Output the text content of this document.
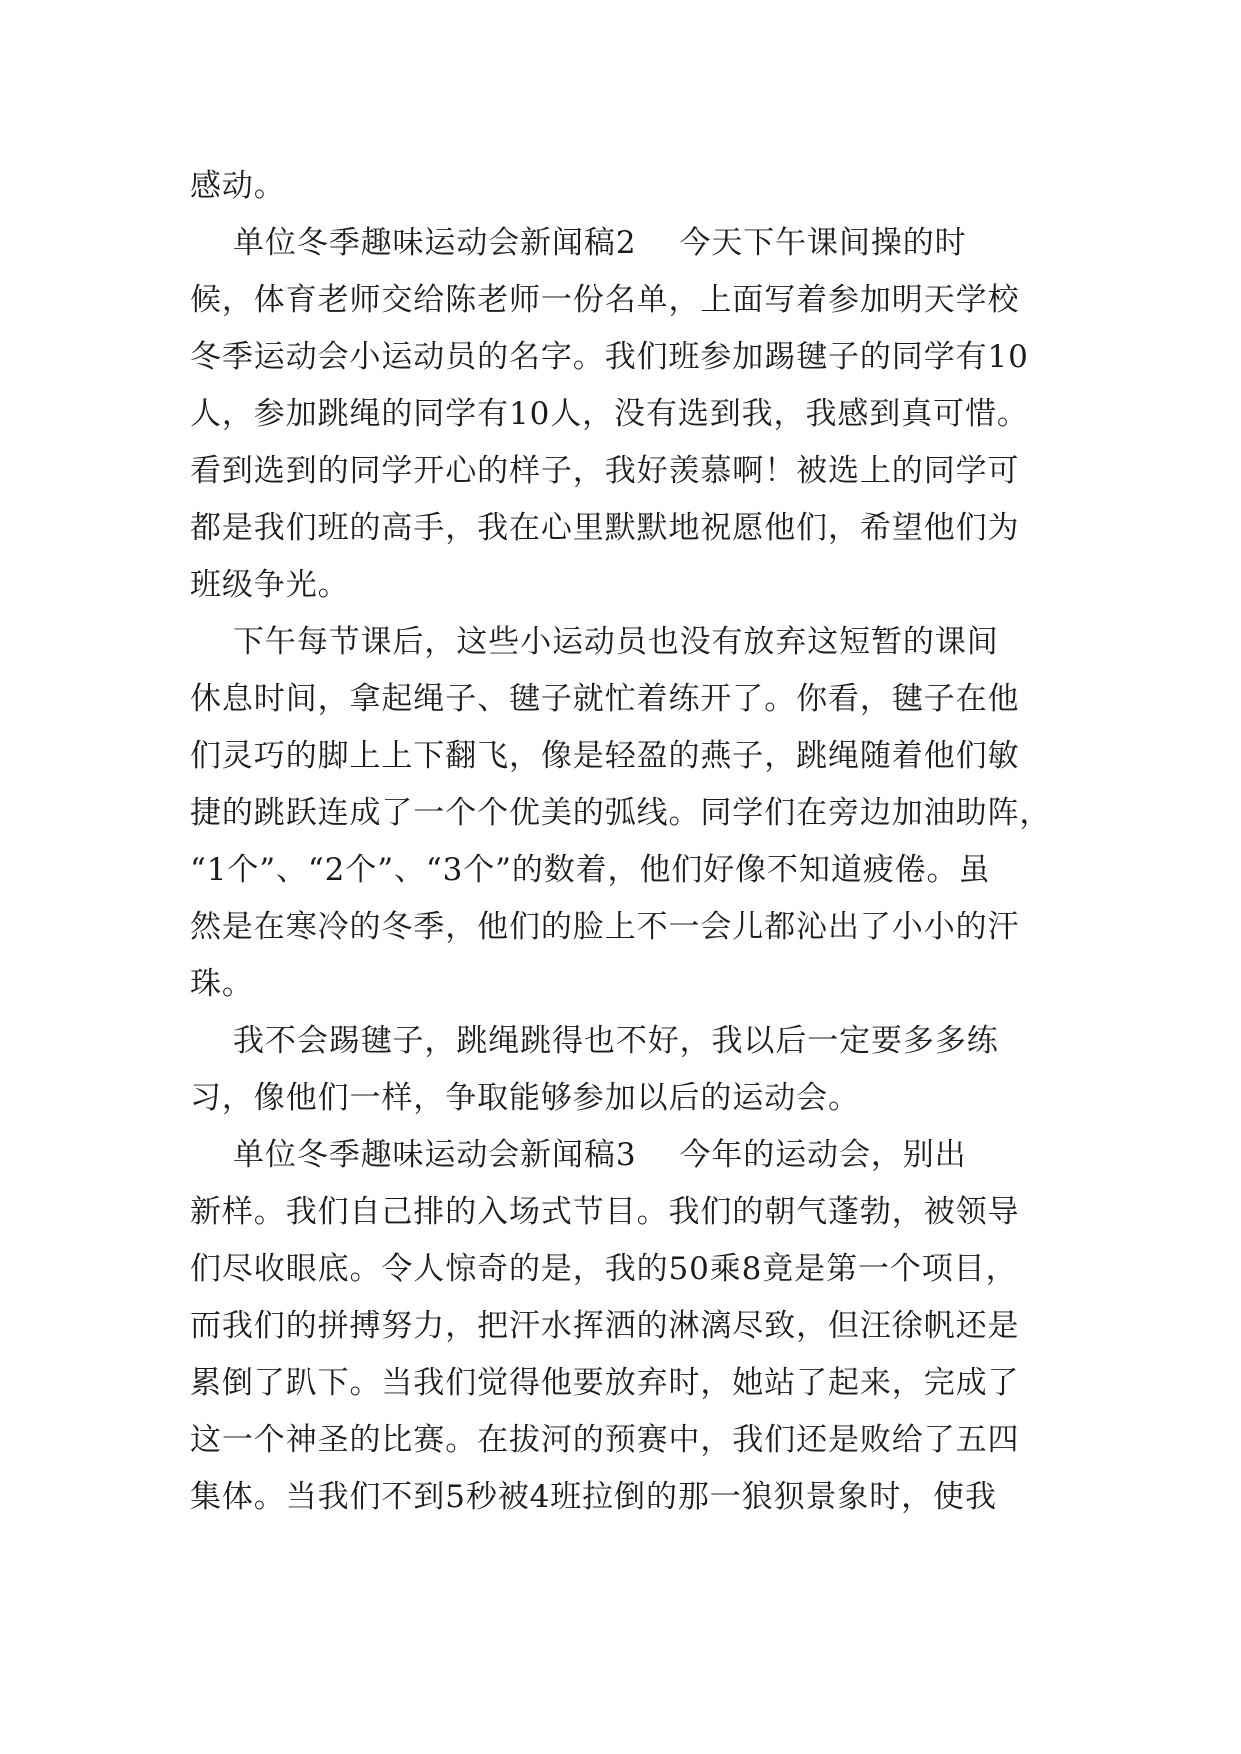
感动。
单位冬季趣味运动会新闻稿2    今天下午课间操的时
候，体育老师交给陈老师一份名单，上面写着参加明天学校
冬季运动会小运动员的名字。我们班参加踢毽子的同学有10
人，参加跳绳的同学有10人，没有选到我，我感到真可惜。
看到选到的同学开心的样子，我好羡慕啊！被选上的同学可
都是我们班的高手，我在心里默默地祝愿他们，希望他们为
班级争光。
下午每节课后，这些小运动员也没有放弃这短暂的课间
休息时间，拿起绳子、毽子就忙着练开了。你看，毽子在他
们灵巧的脚上上下翻飞，像是轻盈的燕子，跳绳随着他们敏
捷的跳跃连成了一个个优美的弧线。同学们在旁边加油助阵，
“1个”、“2个”、“3个”的数着，他们好像不知道疲倦。虽
然是在寒冷的冬季，他们的脸上不一会儿都沁出了小小的汗
珠。
我不会踢毽子，跳绳跳得也不好，我以后一定要多多练
习，像他们一样，争取能够参加以后的运动会。
单位冬季趣味运动会新闻稿3    今年的运动会，别出
新样。我们自己排的入场式节目。我们的朝气蓬勃，被领导
们尽收眼底。令人惊奇的是，我的50乘8竟是第一个项目，
而我们的拼搏努力，把汗水挥洒的淋漓尽致，但汪徐帆还是
累倒了趴下。当我们觉得他要放弃时，她站了起来，完成了
这一个神圣的比赛。在拔河的预赛中，我们还是败给了五四
集体。当我们不到5秒被4班拉倒的那一狼狈景象时，使我
